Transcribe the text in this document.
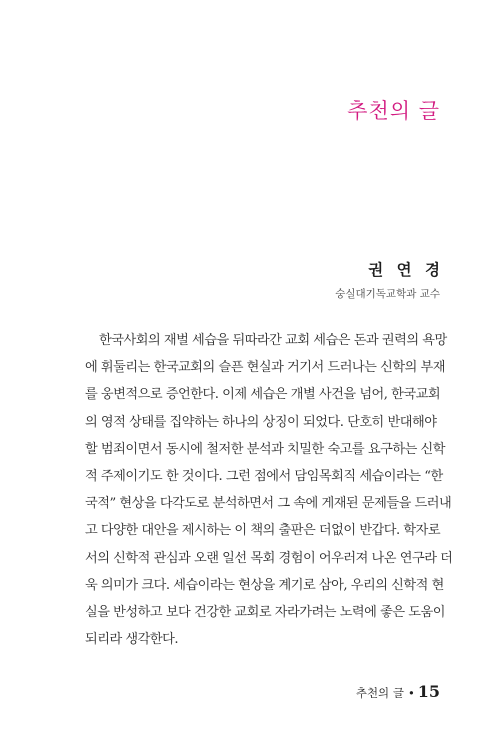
추천의 글
권 연 경
숭실대기독교학과 교수
한국사회의 재벌 세습을 뒤따라간 교회 세습은 돈과 권력의 욕망
에 휘둘리는 한국교회의 슬픈 현실과 거기서 드러나는 신학의 부재
를 웅변적으로 증언한다. 이제 세습은 개별 사건을 넘어, 한국교회
의 영적 상태를 집약하는 하나의 상징이 되었다. 단호히 반대해야
할 범죄이면서 동시에 철저한 분석과 치밀한 숙고를 요구하는 신학
적 주제이기도 한 것이다. 그런 점에서 담임목회직 세습이라는 “한
국적” 현상을 다각도로 분석하면서 그 속에 게재된 문제들을 드러내
고 다양한 대안을 제시하는 이 책의 출판은 더없이 반갑다. 학자로
서의 신학적 관심과 오랜 일선 목회 경험이 어우러져 나온 연구라 더
욱 의미가 크다. 세습이라는 현상을 계기로 삼아, 우리의 신학적 현
실을 반성하고 보다 건강한 교회로 자라가려는 노력에 좋은 도움이
되리라 생각한다.
추천의 글 • 15
